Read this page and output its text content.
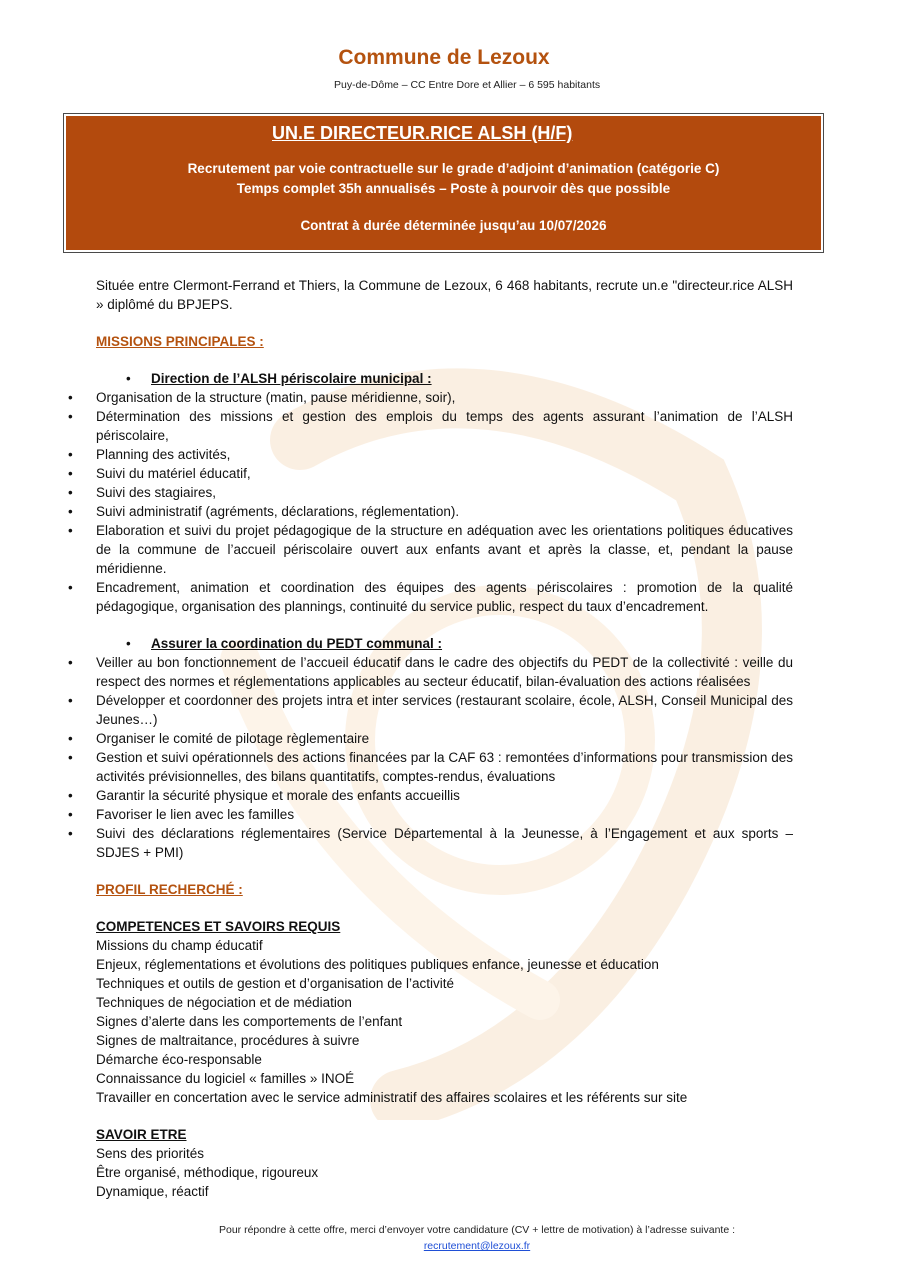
Commune de Lezoux
Puy-de-Dôme – CC Entre Dore et Allier – 6 595 habitants
UN.E DIRECTEUR.RICE ALSH (H/F)
Recrutement par voie contractuelle sur le grade d’adjoint d’animation (catégorie C)
Temps complet 35h annualisés – Poste à pourvoir dès que possible
Contrat à durée déterminée jusqu’au 10/07/2026

Située entre Clermont-Ferrand et Thiers, la Commune de Lezoux, 6 468 habitants, recrute un.e "directeur.rice ALSH » diplômé du BPJEPS.

MISSIONS PRINCIPALES :
• Direction de l’ALSH périscolaire municipal :
• Organisation de la structure (matin, pause méridienne, soir),
• Détermination des missions et gestion des emplois du temps des agents assurant l’animation de l’ALSH périscolaire,
• Planning des activités,
• Suivi du matériel éducatif,
• Suivi des stagiaires,
• Suivi administratif (agréments, déclarations, réglementation).
• Elaboration et suivi du projet pédagogique de la structure en adéquation avec les orientations politiques éducatives de la commune de l’accueil périscolaire ouvert aux enfants avant et après la classe, et, pendant la pause méridienne.
• Encadrement, animation et coordination des équipes des agents périscolaires : promotion de la qualité pédagogique, organisation des plannings, continuité du service public, respect du taux d’encadrement.
• Assurer la coordination du PEDT communal :
• Veiller au bon fonctionnement de l’accueil éducatif dans le cadre des objectifs du PEDT de la collectivité : veille du respect des normes et réglementations applicables au secteur éducatif, bilan-évaluation des actions réalisées
• Développer et coordonner des projets intra et inter services (restaurant scolaire, école, ALSH, Conseil Municipal des Jeunes…)
• Organiser le comité de pilotage règlementaire
• Gestion et suivi opérationnels des actions financées par la CAF 63 : remontées d’informations pour transmission des activités prévisionnelles, des bilans quantitatifs, comptes-rendus, évaluations
• Garantir la sécurité physique et morale des enfants accueillis
• Favoriser le lien avec les familles
• Suivi des déclarations réglementaires (Service Départemental à la Jeunesse, à l’Engagement et aux sports – SDJES + PMI)
PROFIL RECHERCHÉ :
COMPETENCES ET SAVOIRS REQUIS
Missions du champ éducatif
Enjeux, réglementations et évolutions des politiques publiques enfance, jeunesse et éducation
Techniques et outils de gestion et d’organisation de l’activité
Techniques de négociation et de médiation
Signes d’alerte dans les comportements de l’enfant
Signes de maltraitance, procédures à suivre
Démarche éco-responsable
Connaissance du logiciel « familles » INOÉ
Travailler en concertation avec le service administratif des affaires scolaires et les référents sur site
SAVOIR ETRE
Sens des priorités
Être organisé, méthodique, rigoureux
Dynamique, réactif
Pour répondre à cette offre, merci d’envoyer votre candidature (CV + lettre de motivation) à l’adresse suivante :
recrutement@lezoux.fr
